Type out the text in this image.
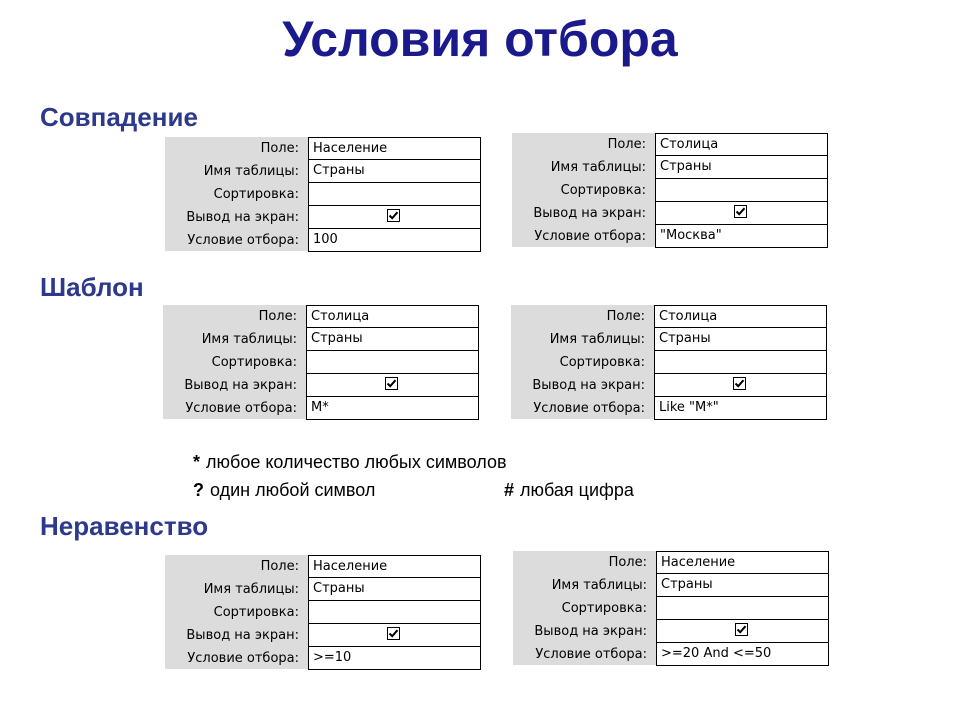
Условия отбора
Совпадение
Поле:	Население
Имя таблицы:	Страны
Сортировка:
Вывод на экран:
Условие отбора:	100
Поле:	Столица
Имя таблицы:	Страны
Сортировка:
Вывод на экран:
Условие отбора:	"Москва"
Шаблон
Поле:	Столица
Имя таблицы:	Страны
Сортировка:
Вывод на экран:
Условие отбора:	М*
Поле:	Столица
Имя таблицы:	Страны
Сортировка:
Вывод на экран:
Условие отбора:	Like "М*"
* любое количество любых символов
? один любой символ	# любая цифра
Неравенство
Поле:	Население
Имя таблицы:	Страны
Сортировка:
Вывод на экран:
Условие отбора:	>=10
Поле:	Население
Имя таблицы:	Страны
Сортировка:
Вывод на экран:
Условие отбора:	>=20 And <=50
